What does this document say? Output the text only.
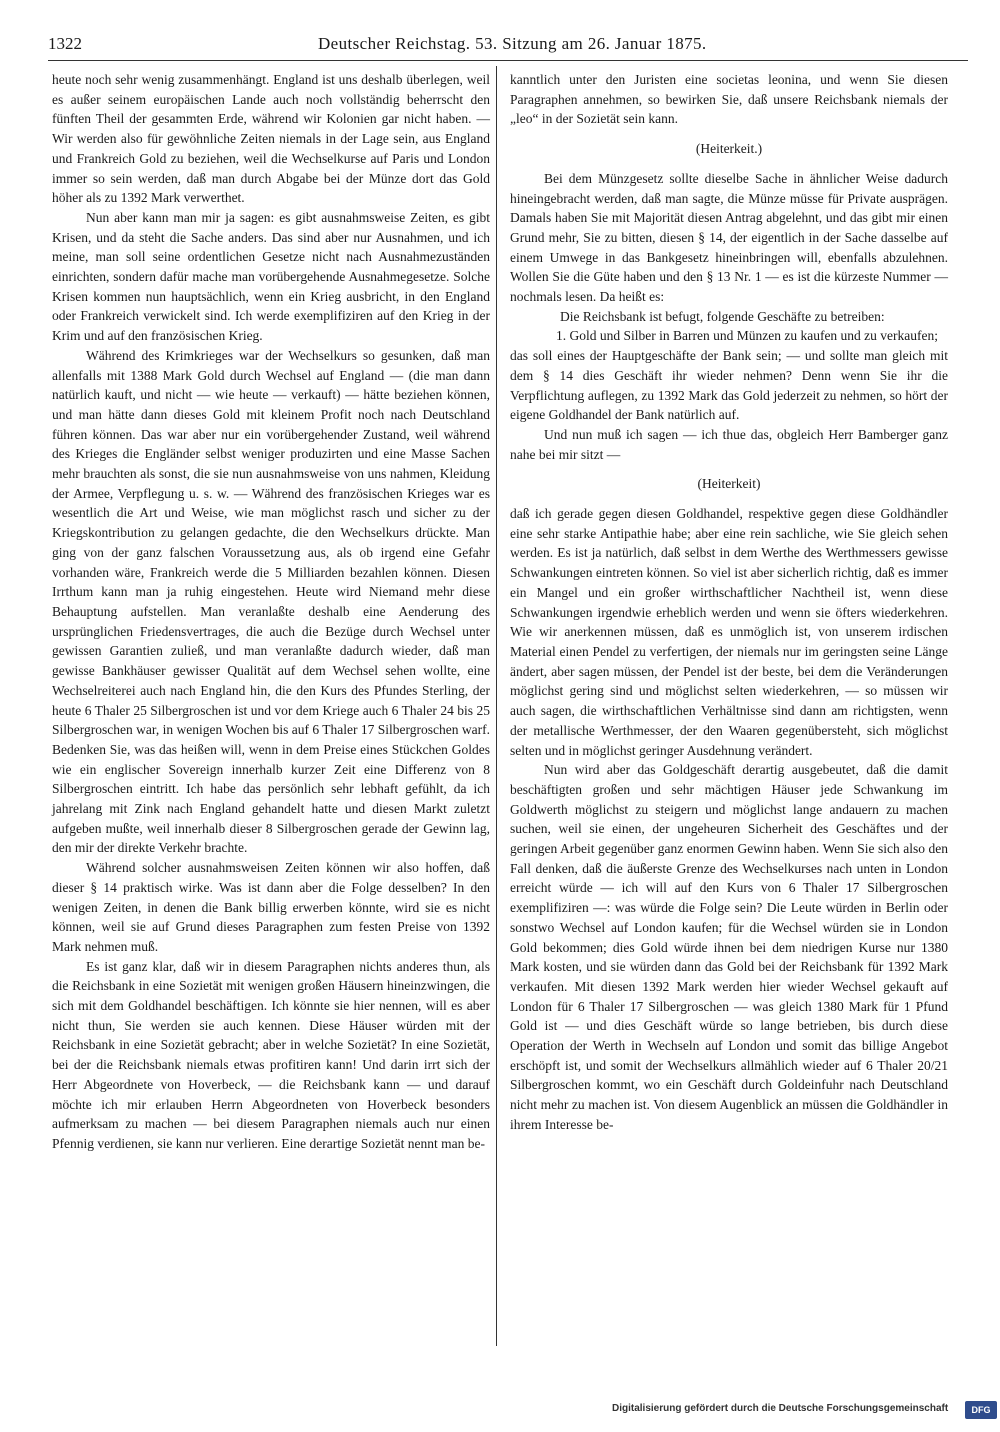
1322	Deutscher Reichstag. 53. Sitzung am 26. Januar 1875.

heute noch sehr wenig zusammenhängt. England ist uns deshalb überlegen, weil es außer seinem europäischen Lande auch noch vollständig beherrscht den fünften Theil der gesammten Erde, während wir Kolonien gar nicht haben. — Wir werden also für gewöhnliche Zeiten niemals in der Lage sein, aus England und Frankreich Gold zu beziehen, weil die Wechselkurse auf Paris und London immer so sein werden, daß man durch Abgabe bei der Münze dort das Gold höher als zu 1392 Mark verwerthet.

Nun aber kann man mir ja sagen: es gibt ausnahmsweise Zeiten, es gibt Krisen, und da steht die Sache anders. Das sind aber nur Ausnahmen, und ich meine, man soll seine ordentlichen Gesetze nicht nach Ausnahmezuständen einrichten, sondern dafür mache man vorübergehende Ausnahmegesetze. Solche Krisen kommen nun hauptsächlich, wenn ein Krieg ausbricht, in den England oder Frankreich verwickelt sind. Ich werde exemplifiziren auf den Krieg in der Krim und auf den französischen Krieg.

Während des Krimkrieges war der Wechselkurs so gesunken, daß man allenfalls mit 1388 Mark Gold durch Wechsel auf England — (die man dann natürlich kauft, und nicht — wie heute — verkauft) — hätte beziehen können, und man hätte dann dieses Gold mit kleinem Profit noch nach Deutschland führen können. Das war aber nur ein vorübergehender Zustand, weil während des Krieges die Engländer selbst weniger produzirten und eine Masse Sachen mehr brauchten als sonst, die sie nun ausnahmsweise von uns nahmen, Kleidung der Armee, Verpflegung u. s. w. — Während des französischen Krieges war es wesentlich die Art und Weise, wie man möglichst rasch und sicher zu der Kriegskontribution zu gelangen gedachte, die den Wechselkurs drückte. Man ging von der ganz falschen Voraussetzung aus, als ob irgend eine Gefahr vorhanden wäre, Frankreich werde die 5 Milliarden bezahlen können. Diesen Irrthum kann man ja ruhig eingestehen. Heute wird Niemand mehr diese Behauptung aufstellen. Man veranlaßte deshalb eine Aenderung des ursprünglichen Friedensvertrages, die auch die Bezüge durch Wechsel unter gewissen Garantien zuließ, und man veranlaßte dadurch wieder, daß man gewisse Bankhäuser gewisser Qualität auf dem Wechsel sehen wollte, eine Wechselreiterei auch nach England hin, die den Kurs des Pfundes Sterling, der heute 6 Thaler 25 Silbergroschen ist und vor dem Kriege auch 6 Thaler 24 bis 25 Silbergroschen war, in wenigen Wochen bis auf 6 Thaler 17 Silbergroschen warf. Bedenken Sie, was das heißen will, wenn in dem Preise eines Stückchen Goldes wie ein englischer Sovereign innerhalb kurzer Zeit eine Differenz von 8 Silbergroschen eintritt. Ich habe das persönlich sehr lebhaft gefühlt, da ich jahrelang mit Zink nach England gehandelt hatte und diesen Markt zuletzt aufgeben mußte, weil innerhalb dieser 8 Silbergroschen gerade der Gewinn lag, den mir der direkte Verkehr brachte.

Während solcher ausnahmsweisen Zeiten können wir also hoffen, daß dieser § 14 praktisch wirke. Was ist dann aber die Folge desselben? In den wenigen Zeiten, in denen die Bank billig erwerben könnte, wird sie es nicht können, weil sie auf Grund dieses Paragraphen zum festen Preise von 1392 Mark nehmen muß.

Es ist ganz klar, daß wir in diesem Paragraphen nichts anderes thun, als die Reichsbank in eine Sozietät mit wenigen großen Häusern hineinzwingen, die sich mit dem Goldhandel beschäftigen. Ich könnte sie hier nennen, will es aber nicht thun, Sie werden sie auch kennen. Diese Häuser würden mit der Reichsbank in eine Sozietät gebracht; aber in welche Sozietät? In eine Sozietät, bei der die Reichsbank niemals etwas profitiren kann! Und darin irrt sich der Herr Abgeordnete von Hoverbeck, — die Reichsbank kann — und darauf möchte ich mir erlauben Herrn Abgeordneten von Hoverbeck besonders aufmerksam zu machen — bei diesem Paragraphen niemals auch nur einen Pfennig verdienen, sie kann nur verlieren. Eine derartige Sozietät nennt man be-

kanntlich unter den Juristen eine societas leonina, und wenn Sie diesen Paragraphen annehmen, so bewirken Sie, daß unsere Reichsbank niemals der „leo“ in der Sozietät sein kann.

(Heiterkeit.)

Bei dem Münzgesetz sollte dieselbe Sache in ähnlicher Weise dadurch hineingebracht werden, daß man sagte, die Münze müsse für Private ausprägen. Damals haben Sie mit Majorität diesen Antrag abgelehnt, und das gibt mir einen Grund mehr, Sie zu bitten, diesen § 14, der eigentlich in der Sache dasselbe auf einem Umwege in das Bankgesetz hineinbringen will, ebenfalls abzulehnen. Wollen Sie die Güte haben und den § 13 Nr. 1 — es ist die kürzeste Nummer — nochmals lesen. Da heißt es:

Die Reichsbank ist befugt, folgende Geschäfte zu betreiben:

1. Gold und Silber in Barren und Münzen zu kaufen und zu verkaufen;

das soll eines der Hauptgeschäfte der Bank sein; — und sollte man gleich mit dem § 14 dies Geschäft ihr wieder nehmen? Denn wenn Sie ihr die Verpflichtung auflegen, zu 1392 Mark das Gold jederzeit zu nehmen, so hört der eigene Goldhandel der Bank natürlich auf.

Und nun muß ich sagen — ich thue das, obgleich Herr Bamberger ganz nahe bei mir sitzt —

(Heiterkeit)

daß ich gerade gegen diesen Goldhandel, respektive gegen diese Goldhändler eine sehr starke Antipathie habe; aber eine rein sachliche, wie Sie gleich sehen werden. Es ist ja natürlich, daß selbst in dem Werthe des Werthmessers gewisse Schwankungen eintreten können. So viel ist aber sicherlich richtig, daß es immer ein Mangel und ein großer wirthschaftlicher Nachtheil ist, wenn diese Schwankungen irgendwie erheblich werden und wenn sie öfters wiederkehren. Wie wir anerkennen müssen, daß es unmöglich ist, von unserem irdischen Material einen Pendel zu verfertigen, der niemals nur im geringsten seine Länge ändert, aber sagen müssen, der Pendel ist der beste, bei dem die Veränderungen möglichst gering sind und möglichst selten wiederkehren, — so müssen wir auch sagen, die wirthschaftlichen Verhältnisse sind dann am richtigsten, wenn der metallische Werthmesser, der den Waaren gegenübersteht, sich möglichst selten und in möglichst geringer Ausdehnung verändert.

Nun wird aber das Goldgeschäft derartig ausgebeutet, daß die damit beschäftigten großen und sehr mächtigen Häuser jede Schwankung im Goldwerth möglichst zu steigern und möglichst lange andauern zu machen suchen, weil sie einen, der ungeheuren Sicherheit des Geschäftes und der geringen Arbeit gegenüber ganz enormen Gewinn haben. Wenn Sie sich also den Fall denken, daß die äußerste Grenze des Wechselkurses nach unten in London erreicht würde — ich will auf den Kurs von 6 Thaler 17 Silbergroschen exemplifiziren —: was würde die Folge sein? Die Leute würden in Berlin oder sonstwo Wechsel auf London kaufen; für die Wechsel würden sie in London Gold bekommen; dies Gold würde ihnen bei dem niedrigen Kurse nur 1380 Mark kosten, und sie würden dann das Gold bei der Reichsbank für 1392 Mark verkaufen. Mit diesen 1392 Mark werden hier wieder Wechsel gekauft auf London für 6 Thaler 17 Silbergroschen — was gleich 1380 Mark für 1 Pfund Gold ist — und dies Geschäft würde so lange betrieben, bis durch diese Operation der Werth in Wechseln auf London und somit das billige Angebot erschöpft ist, und somit der Wechselkurs allmählich wieder auf 6 Thaler 20/21 Silbergroschen kommt, wo ein Geschäft durch Goldeinfuhr nach Deutschland nicht mehr zu machen ist. Von diesem Augenblick an müssen die Goldhändler in ihrem Interesse be-

Digitalisierung gefördert durch die Deutsche Forschungsgemeinschaft	DFG
